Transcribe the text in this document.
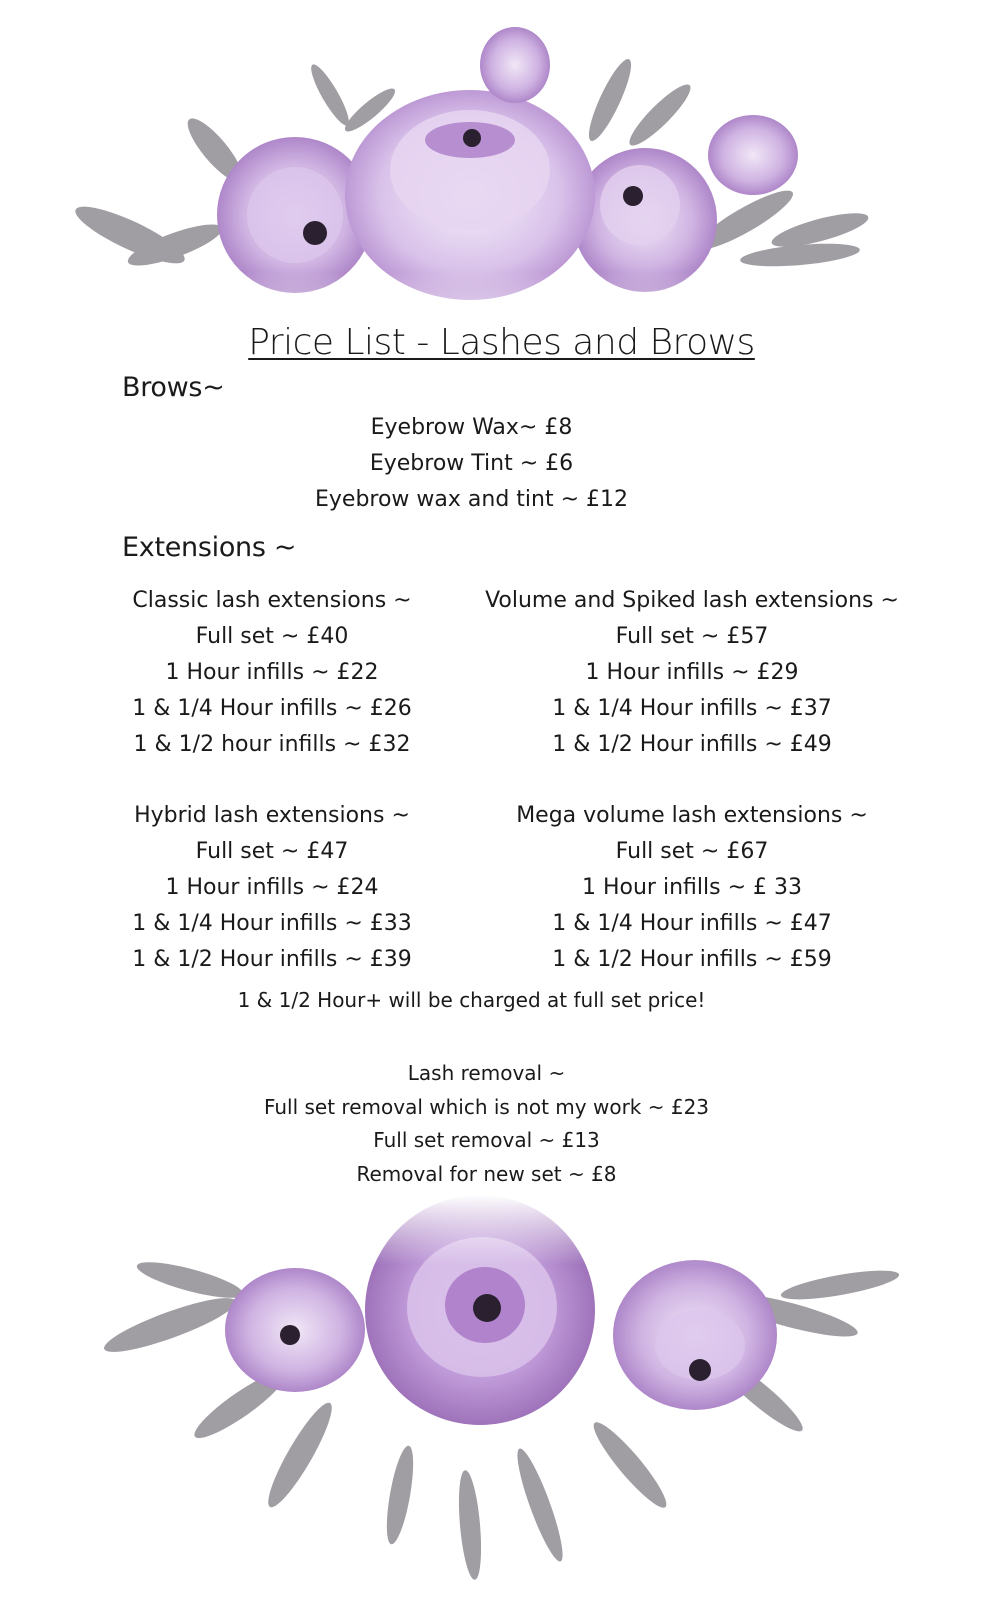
Price List - Lashes and Brows
Brows~
Eyebrow Wax~ £8
Eyebrow Tint ~ £6
Eyebrow wax and tint ~ £12
Extensions ~
Classic lash extensions ~
Full set ~ £40
1 Hour infills ~ £22
1 & 1/4 Hour infills ~ £26
1 & 1/2 hour infills ~ £32
Volume and Spiked lash extensions ~
Full set ~ £57
1 Hour infills ~ £29
1 & 1/4 Hour infills ~ £37
1 & 1/2 Hour infills ~ £49
Hybrid lash extensions ~
Full set ~ £47
1 Hour infills ~ £24
1 & 1/4 Hour infills ~ £33
1 & 1/2 Hour infills ~ £39
Mega volume lash extensions ~
Full set ~ £67
1 Hour infills ~ £ 33
1 & 1/4 Hour infills ~ £47
1 & 1/2 Hour infills ~ £59
1 & 1/2 Hour+ will be charged at full set price!
Lash removal ~
Full set removal which is not my work ~ £23
Full set removal ~ £13
Removal for new set ~ £8
